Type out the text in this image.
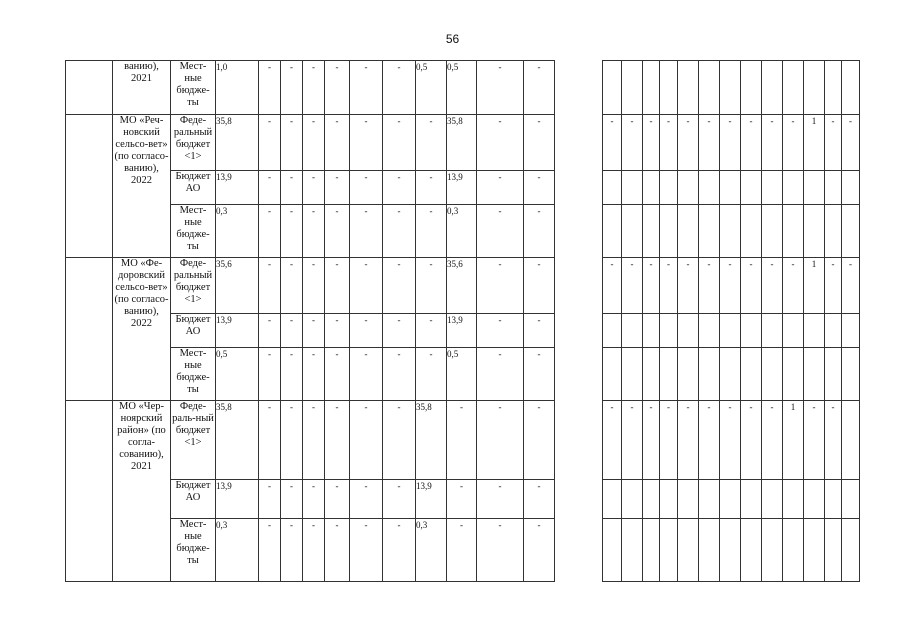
56
	ванию), 2021	Мест-ные бюдже-ты	1,0	-	-	-	-	-	-	0,5	0,5	-	-														
	МО «Реч-новский сельсо-вет» (по согласо-ванию), 2022	Феде-ральный бюджет <1>	35,8	-	-	-	-	-	-	-	35,8	-	-		-	-	-	-	-	-	-	-	-	-	1	-	-
		Бюджет АО	13,9	-	-	-	-	-	-	-	13,9	-	-														
		Мест-ные бюдже-ты	0,3	-	-	-	-	-	-	-	0,3	-	-														
	МО «Фе-доровский сельсо-вет» (по согласо-ванию), 2022	Феде-ральный бюджет <1>	35,6	-	-	-	-	-	-	-	35,6	-	-		-	-	-	-	-	-	-	-	-	-	1	-	-
		Бюджет АО	13,9	-	-	-	-	-	-	-	13,9	-	-														
		Мест-ные бюдже-ты	0,5	-	-	-	-	-	-	-	0,5	-	-														
	МО «Чер-ноярский район» (по согла-сованию), 2021	Феде-раль-ный бюджет <1>	35,8	-	-	-	-	-	-	35,8	-	-	-		-	-	-	-	-	-	-	-	-	1	-	-	
		Бюджет АО	13,9	-	-	-	-	-	-	13,9	-	-	-														
		Мест-ные бюдже-ты	0,3	-	-	-	-	-	-	0,3	-	-	-														
